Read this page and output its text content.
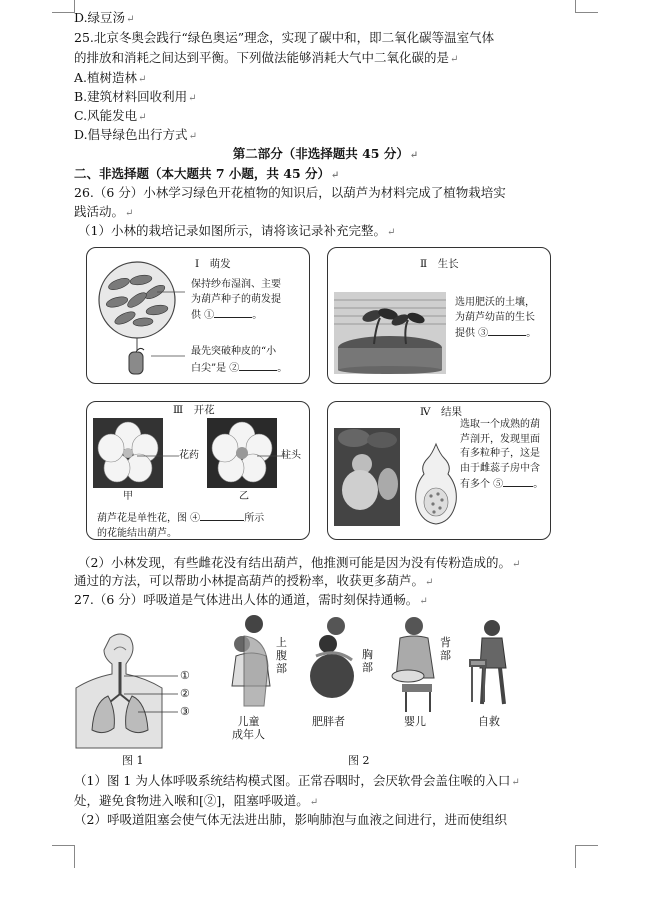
D.绿豆汤↵
25.北京冬奥会践行“绿色奥运”理念，实现了碳中和，即二氧化碳等温室气体
的排放和消耗之间达到平衡。下列做法能够消耗大气中二氧化碳的是↵
A.植树造林↵
B.建筑材料回收利用↵
C.风能发电↵
D.倡导绿色出行方式↵
第二部分（非选择题共 45 分）↵
二、非选择题（本大题共 7 小题，共 45 分）↵
26.（6 分）小林学习绿色开花植物的知识后，以葫芦为材料完成了植物栽培实
践活动。↵
（1）小林的栽培记录如图所示，请将该记录补充完整。↵
Ⅰ　萌发
保持纱布湿润、主要
为葫芦种子的萌发提
供 ①	。
最先突破种皮的“小
白尖”是 ②	。
Ⅱ　生长
选用肥沃的土壤，
为葫芦幼苗的生长
提供 ③	。
Ⅲ　开花
花药	柱头
甲	乙
葫芦花是单性花，图 ④	所示
的花能结出葫芦。
Ⅳ　结果
选取一个成熟的葫
芦剖开，发现里面
有多粒种子，这是
由于雌蕊子房中含
有多个 ⑤	。
（2）小林发现，有些雌花没有结出葫芦，他推测可能是因为没有传粉造成的。↵
通过的方法，可以帮助小林提高葫芦的授粉率，收获更多葫芦。↵
27.（6 分）呼吸道是气体进出人体的通道，需时刻保持通畅。↵
①
②
③
图 1
上
腹
部
胸
部
背
部
儿童
成年人
肥胖者	婴儿	自救
图 2
（1）图 1 为人体呼吸系统结构模式图。正常吞咽时，会厌软骨会盖住喉的入口↵
处，避免食物进入喉和[②]，阻塞呼吸道。↵
（2）呼吸道阻塞会使气体无法进出肺，影响肺泡与血液之间进行，进而使组织
